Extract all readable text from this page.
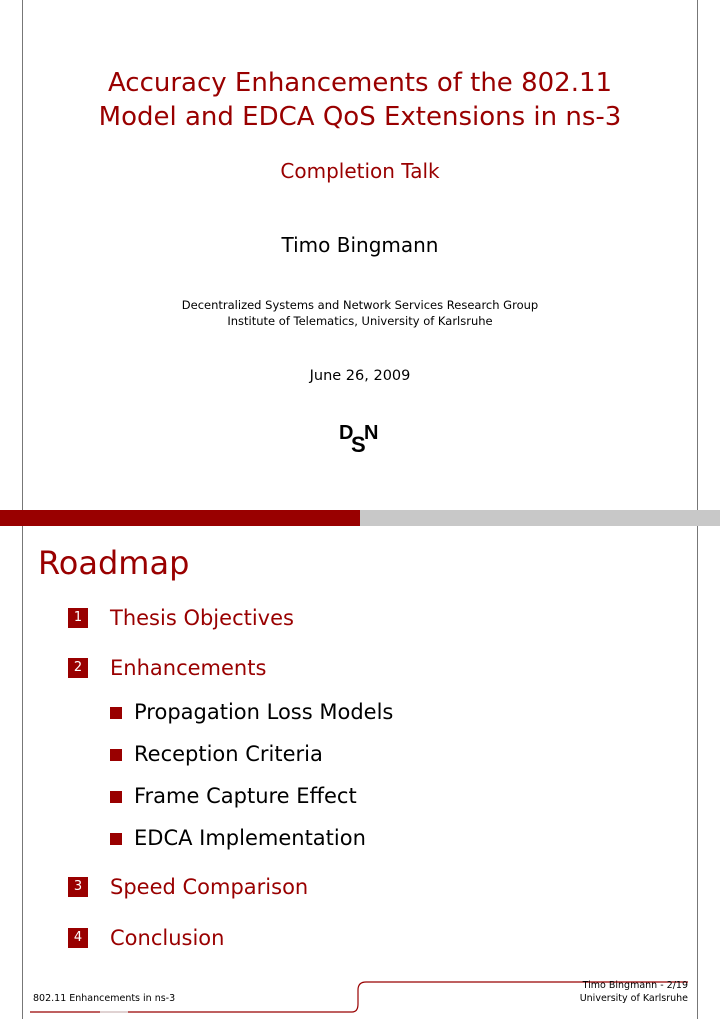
Accuracy Enhancements of the 802.11
Model and EDCA QoS Extensions in ns-3
Completion Talk
Timo Bingmann
Decentralized Systems and Network Services Research Group
Institute of Telematics, University of Karlsruhe
June 26, 2009
D
S
N
Roadmap
1 Thesis Objectives
2 Enhancements
Propagation Loss Models
Reception Criteria
Frame Capture Effect
EDCA Implementation
3 Speed Comparison
4 Conclusion
802.11 Enhancements in ns-3
Timo Bingmann - 2/19
University of Karlsruhe
